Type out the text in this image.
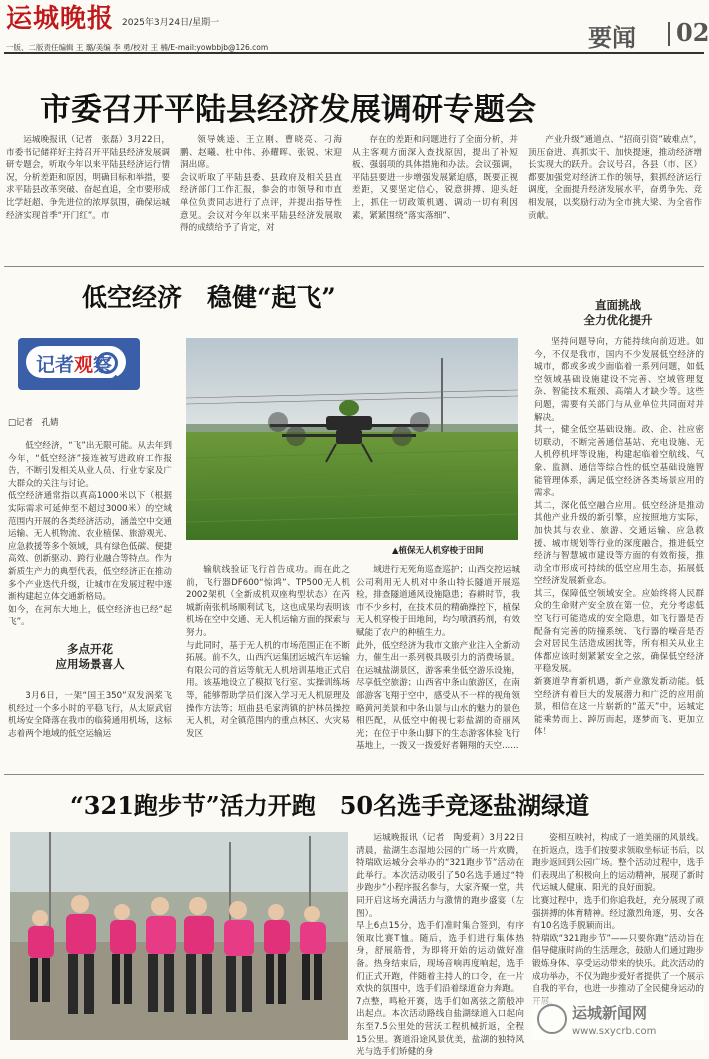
运城晚报 2025年3月24日/星期一
一版、二版责任编辑 王 璐/美编 李 勇/校对 王 楠/E-mail:yowbbjb@126.com	要闻 02
市委召开平陆县经济发展调研专题会

运城晚报讯（记者　张磊）3月22日，市委书记储祥好主持召开平陆县经济发展调研专题会，听取今年以来平陆县经济运行情况，分析差距和原因，明确目标和举措，要求平陆县改革突破、奋起直追，全市要形成比学赶超、争先进位的浓厚氛围，确保运城经济实现首季“开门红”。市

领导姚逵、王立刚、曹晓亮、刁海鹏、赵曦、杜中伟、孙耀晖、张锐、宋迎洞出席。
会议听取了平陆县委、县政府及相关县直经济部门工作汇报，参会的市领导和市直单位负责同志进行了点评，并提出指导性意见。会议对今年以来平陆县经济发展取得的成绩给予了肯定，对

存在的差距和问题进行了全面分析，并从主客观方面深入查找原因，提出了补短板、强弱项的具体措施和办法。会议强调，平陆县要进一步增强发展紧迫感，既要正视差距，又要坚定信心，锐意拼搏、迎头赶上，抓住一切政策机遇、调动一切有利因素，紧紧围绕“落实落细”、

产业升级”通道点、“招商引资”破难点”，顶压奋进、真抓实干、加快提速，推动经济增长实现大的跃升。会议号召，各县（市、区）都要加强党对经济工作的领导，狠抓经济运行调度，全面提升经济发展水平，奋勇争先、竞相发展，以奖励行动为全市挑大梁、为全省作贡献。

低空经济　稳健“起飞”
记者观察
□记者　孔婧

低空经济，“飞”出无限可能。从去年到今年，“低空经济”接连被写进政府工作报告，不断引发相关从业人员、行业专家及广大群众的关注与讨论。
低空经济通常指以真高1000米以下（根据实际需求可延伸至不超过3000米）的空域范围内开展的各类经济活动，涵盖空中交通运输、无人机物流、农业植保、旅游观光、应急救援等多个领域，具有绿色低碳、便捷高效、创新驱动、跨行业融合等特点。作为新质生产力的典型代表，低空经济正在推动多个产业迭代升级，让城市在发展过程中逐渐构建起立体交通新格局。
如今，在河东大地上，低空经济也已经“起飞”。

多点开花
应用场景喜人

3月6日，一架“国王350”双发涡桨飞机经过一个多小时的平稳飞行，从太原武宿机场安全降落在我市的临猗通用机场，这标志着两个地域的低空运输运

▲植保无人机穿梭于田间

输航线验证飞行首告成功。而在此之前，飞行器DF600“惊鸿”、TP500无人机2002架机（全新成机双座构型状态）在芮城新南张机场顺利试飞，这也成果均表明该机场在空中交通、无人机运输方面的探索与努力。
与此同时，基于无人机的市场范围正在不断拓展。前不久，山西汽运集团运城汽车运输有限公司的首运等航无人机培训基地正式启用。该基地设立了模拟飞行室、实操训练场等，能够帮助学员们深入学习无人机原理及操作方法等；垣曲县毛家湾镇的护林员操控无人机，对全镇范围内的重点林区、火灾易发区

域进行无死角巡查巡护；山西交控运城公司利用无人机对中条山特长隧道开展巡检，排查隧道通风设施隐患；春耕时节，我市不少乡村，在技术员的精确操控下，植保无人机穿梭于田地间，均匀喷洒药剂，有效赋能了农户的种植生力。
此外，低空经济为我市文旅产业注入全新动力，催生出一系列极具吸引力的消费场景。在运城盐湖景区，游客乘坐低空游乐设施，尽享低空旅游；山西省中条山旅游区，在南部游客飞翔于空中，感受从不一样的视角领略黄河美景和中条山景与山水的魅力的景色相匹配，从低空中俯视七彩盐湖的奇丽风光；在位于中条山脚下的生态游客体验飞行基地上，一拨又一拨爱好者翱翔的天空......

直面挑战
全力优化提升

坚持问题导向，方能持续向前迈进。如今，不仅是我市，国内不少发展低空经济的城市，都或多或少面临着一系列问题，如低空领域基础设施建设不完善、空域管理复杂、智能技术瓶颈、高端人才缺少等。这些问题，需要有关部门与从业单位共同面对并解决。
其一，健全低空基础设施。政、企、社应密切联动，不断完善通信基站、充电设施、无人机停机坪等设施，构建起临着空航线、气象、监测、通信等综合性的低空基础设施智能管理体系，满足低空经济各类场景应用的需求。
其二，深化低空融合应用。低空经济是推动其他产业升级的新引擎，应按照地方实际，加快其与农业、旅游、交通运输、应急救援、城市规划等行业的深度融合，推进低空经济与智慧城市建设等方面的有效衔接，推动全市形成可持续的低空应用生态，拓展低空经济发展新业态。
其三，保障低空领域安全。应始终将人民群众的生命财产安全放在第一位，充分考虑低空飞行可能造成的安全隐患，如飞行器是否配备有完善的防撞系统、飞行器的噪音是否会对居民生活造成困扰等，所有相关从业主体都应该时刻紧紧安全之弦，确保低空经济平稳发展。
新赛道孕育新机遇，新产业激发新动能。低空经济有着巨大的发展潜力和广泛的应用前景，相信在这一片崭新的“蓝天”中，运城定能乘势而上、踔厉而起，逐梦而飞、更加立体！

“321跑步节”活力开跑　50名选手竞逐盐湖绿道

运城晚报讯（记者　陶爱莉）3月22日清晨，盐湖生态湿地公园的广场一片欢腾，特瑞欧运城分会举办的“321跑步节”活动在此举行。本次活动吸引了50名选手通过“特步跑步”小程序报名参与，大家齐聚一堂，共同开启这场充满活力与激情的跑步盛宴（左图）。
早上6点15分，选手们准时集合签到，有序领取比赛T恤。随后，选手们进行集体热身，舒展筋骨，为即将开始的运动做好准备。热身结束后，现场音响再度响起，选手们正式开跑，伴随着主持人的口令，在一片欢快的氛围中，选手们沿着绿道奋力奔跑。
7点整，鸣枪开赛，选手们如离弦之箭般冲出起点。本次活动路线自盐湖绿道入口起向东至7.5公里处的营沃工程机械折返，全程15公里。赛道沿途风景优美，盐湖的独特风光与选手们矫健的身

姿相互映衬，构成了一道美丽的风景线。在折返点，选手们按要求领取坐标证书后，以跑步返回到公园广场。整个活动过程中，选手们表现出了积极向上的运动精神，展现了新时代运城人健康、阳光的良好面貌。
比赛过程中，选手们你追我赶，充分展现了顽强拼搏的体育精神。经过激烈角逐，男、女各有10名选手脱颖而出。
特瑞欧“321跑步节”——只要你跑”活动旨在倡导健康时尚的生活理念，鼓励人们通过跑步锻炼身体、享受运动带来的快乐。此次活动的成功举办，不仅为跑步爱好者提供了一个展示自我的平台，也进一步推动了全民健身运动的

运城新闻网
www.sxycrb.com
